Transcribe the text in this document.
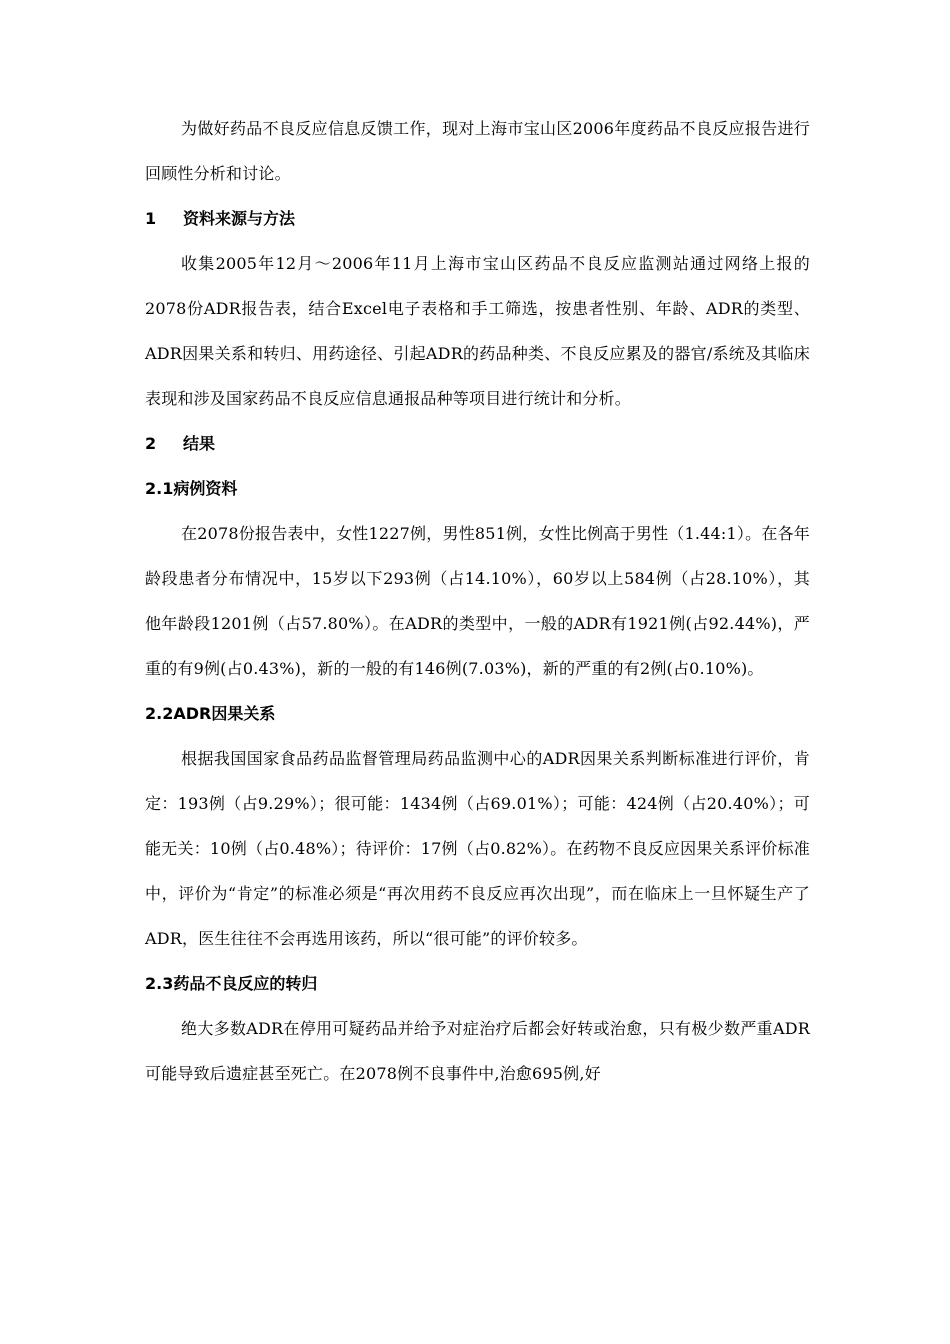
为做好药品不良反应信息反馈工作，现对上海市宝山区2006年度药品不良反应报告进行回顾性分析和讨论。

1 资料来源与方法

收集2005年12月～2006年11月上海市宝山区药品不良反应监测站通过网络上报的2078份ADR报告表，结合Excel电子表格和手工筛选，按患者性别、年龄、ADR的类型、ADR因果关系和转归、用药途径、引起ADR的药品种类、不良反应累及的器官/系统及其临床表现和涉及国家药品不良反应信息通报品种等项目进行统计和分析。

2 结果

2.1病例资料

在2078份报告表中，女性1227例，男性851例，女性比例高于男性（1.44:1）。在各年龄段患者分布情况中，15岁以下293例（占14.10%），60岁以上584例（占28.10%），其他年龄段1201例（占57.80%）。在ADR的类型中，一般的ADR有1921例(占92.44%)，严重的有9例(占0.43%)，新的一般的有146例(7.03%)，新的严重的有2例(占0.10%)。

2.2ADR因果关系

根据我国国家食品药品监督管理局药品监测中心的ADR因果关系判断标准进行评价，肯定：193例（占9.29%）；很可能：1434例（占69.01%）；可能：424例（占20.40%）；可能无关：10例（占0.48%）；待评价：17例（占0.82%）。在药物不良反应因果关系评价标准中，评价为“肯定”的标准必须是“再次用药不良反应再次出现”，而在临床上一旦怀疑生产了ADR，医生往往不会再选用该药，所以“很可能”的评价较多。

2.3药品不良反应的转归

绝大多数ADR在停用可疑药品并给予对症治疗后都会好转或治愈，只有极少数严重ADR可能导致后遗症甚至死亡。在2078例不良事件中,治愈695例,好
